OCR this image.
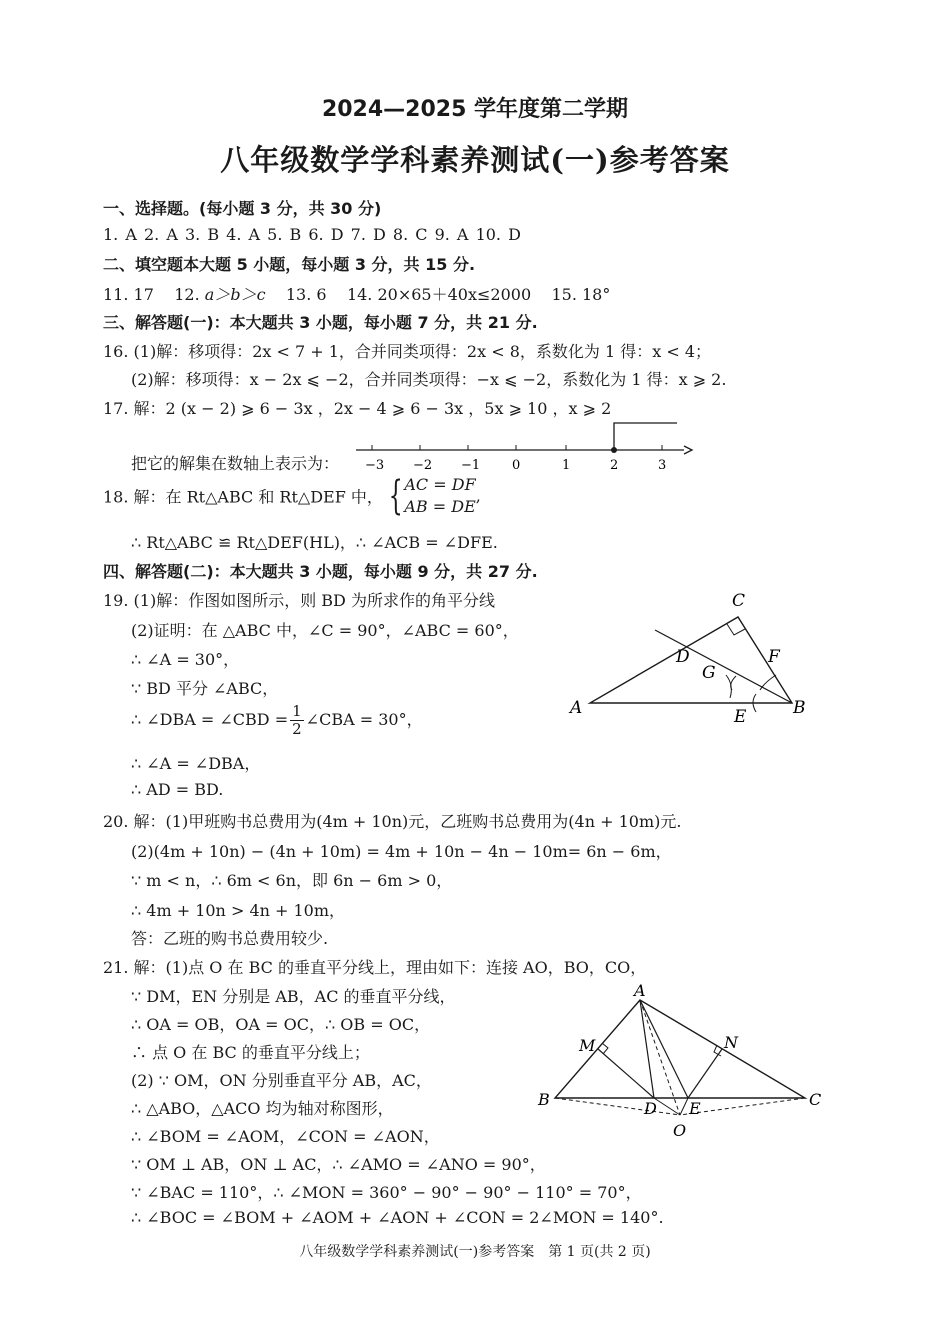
2024—2025 学年度第二学期
八年级数学学科素养测试(一)参考答案
一、选择题。(每小题 3 分，共 30 分)
1. A 2. A 3. B 4. A 5. B 6. D 7. D 8. C 9. A 10. D
二、填空题本大题 5 小题，每小题 3 分，共 15 分.
11. 17 12. a＞b＞c 13. 6 14. 20×65＋40x≤2000 15. 18°
三、解答题(一)：本大题共 3 小题，每小题 7 分，共 21 分.
16. (1)解：移项得：2x < 7 + 1，合并同类项得：2x < 8，系数化为 1 得：x < 4；
(2)解：移项得：x − 2x ⩽ −2，合并同类项得：−x ⩽ −2，系数化为 1 得：x ⩾ 2.
17. 解：2 (x − 2) ⩾ 6 − 3x ，2x − 4 ⩾ 6 − 3x ，5x ⩾ 10 ，x ⩾ 2
把它的解集在数轴上表示为： −3 −2 −1 0	1	2	3
18. 解：在 Rt△ABC 和 Rt△DEF 中， { AC = DF
AB = DE
,
∴ Rt△ABC ≌ Rt△DEF(HL)，∴ ∠ACB = ∠DFE.
四、解答题(二)：本大题共 3 小题，每小题 9 分，共 27 分.
19. (1)解：作图如图所示，则 BD 为所求作的角平分线
(2)证明：在 △ABC 中，∠C = 90°，∠ABC = 60°，
∴ ∠A = 30°，
∵ BD 平分 ∠ABC，
∴ ∠DBA = ∠CBD = $\frac{1}{2}$ ∠CBA = 30°，
∴ ∠A = ∠DBA，
∴ AD = BD.
A	B
C
D
E
F
G
20. 解：(1)甲班购书总费用为(4m + 10n)元，乙班购书总费用为(4n + 10m)元.
(2)(4m + 10n) − (4n + 10m) = 4m + 10n − 4n − 10m= 6n − 6m，
∵ m < n，∴ 6m < 6n，即 6n − 6m > 0，
∴ 4m + 10n > 4n + 10m，
答：乙班的购书总费用较少.
21. 解：(1)点 O 在 BC 的垂直平分线上，理由如下：连接 AO，BO，CO，
∵ DM，EN 分别是 AB，AC 的垂直平分线，
∴ OA = OB，OA = OC，∴ OB = OC，
∴ 点 O 在 BC 的垂直平分线上；
(2) ∵ OM，ON 分别垂直平分 AB，AC，
∴ △ABO，△ACO 均为轴对称图形，
∴ ∠BOM = ∠AOM，∠CON = ∠AON，
∵ OM ⊥ AB，ON ⊥ AC，∴ ∠AMO = ∠ANO = 90°，
∵ ∠BAC = 110°，∴ ∠MON = 360° − 90° − 90° − 110° = 70°，
∴ ∠BOC = ∠BOM + ∠AOM + ∠AON + ∠CON = 2∠MON = 140°.
A
B	C
D E
M	N
O
八年级数学学科素养测试(一)参考答案　第 1 页(共 2 页)
